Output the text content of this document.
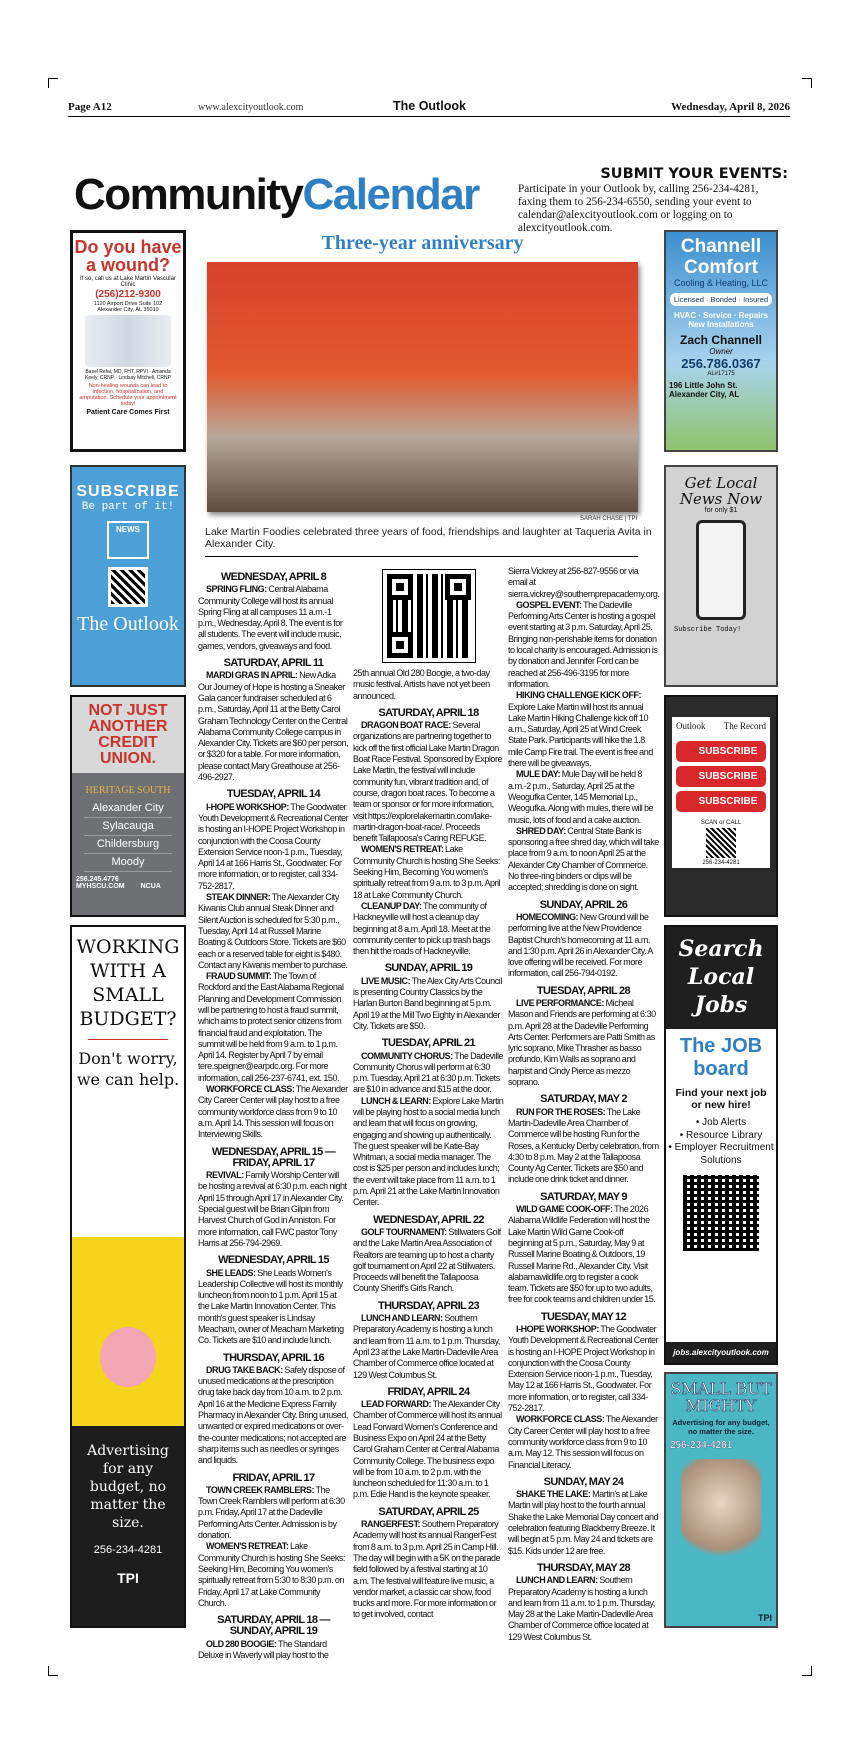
Page A12	www.alexcityoutlook.com	The Outlook	Wednesday, April 8, 2026
CommunityCalendar	SUBMIT YOUR EVENTS:

Participate in your Outlook by, calling 256-234-4281, faxing them to 256-234-6550, sending your event to calendar@alexcityoutlook.com or logging on to alexcityoutlook.com.

Do you have a wound?
If so, call us at Lake Martin Vascular Clinic
(256)212-9300
1120 Airport Drive Suite 102 Alexander City, AL 35010
Basel Refai, MD, FHT, RPVI · Amanda Keely, CRNP · Lindsay Mitchell, CRNP
Non-healing wounds can lead to infection, hospitalization, and amputation. Schedule your appointment today!
Patient Care Comes First
SUBSCRIBE
Be part of it!
NEWS
The Outlook
NOT JUST ANOTHER CREDIT UNION.
HERITAGE SOUTH
Alexander City
Sylacauga
Childersburg
Moody
256.245.4776
MYHSCU.COM NCUA
WORKING WITH A SMALL BUDGET?
Don't worry, we can help.
Advertising for any budget, no matter the size.
256-234-4281
TPI
Three-year anniversary
SARAH CHASE | TPI
Lake Martin Foodies celebrated three years of food, friendships and laughter at Taqueria Avita in Alexander City.
WEDNESDAY, APRIL 8

SPRING FLING: Central Alabama Community College will host its annual Spring Fling at all campuses 11 a.m.-1 p.m., Wednesday, April 8. The event is for all students. The event will include music, games, vendors, giveaways and food.

SATURDAY, APRIL 11

MARDI GRAS IN APRIL: New Adka Our Journey of Hope is hosting a Sneaker Gala cancer fundraiser scheduled at 6 p.m., Saturday, April 11 at the Betty Carol Graham Technology Center on the Central Alabama Community College campus in Alexander City. Tickets are $60 per person, or $320 for a table. For more information, please contact Mary Greathouse at 256-496-2927.

TUESDAY, APRIL 14

I-HOPE WORKSHOP: The Goodwater Youth Development & Recreational Center is hosting an I-HOPE Project Workshop in conjunction with the Coosa County Extension Service noon-1 p.m., Tuesday, April 14 at 166 Harris St., Goodwater. For more information, or to register, call 334-752-2817.

STEAK DINNER: The Alexander City Kiwanis Club annual Steak Dinner and Silent Auction is scheduled for 5:30 p.m., Tuesday, April 14 at Russell Marine Boating & Outdoors Store. Tickets are $60 each or a reserved table for eight is $480. Contact any Kiwanis member to purchase.

FRAUD SUMMIT: The Town of Rockford and the East Alabama Regional Planning and Development Commission will be partnering to host a fraud summit, which aims to protect senior citizens from financial fraud and exploitation. The summit will be held from 9 a.m. to 1 p.m. April 14. Register by April 7 by email tere.speigner@earpdc.org. For more information, call 256-237-6741, ext. 150.

WORKFORCE CLASS: The Alexander City Career Center will play host to a free community workforce class from 9 to 10 a.m. April 14. This session will focus on Interviewing Skills.

WEDNESDAY, APRIL 15 — FRIDAY, APRIL 17

REVIVAL: Family Worship Center will be hosting a revival at 6:30 p.m. each night April 15 through April 17 in Alexander City. Special guest will be Brian Gilpin from Harvest Church of God in Anniston. For more information, call FWC pastor Tony Harris at 256-794-2969.

WEDNESDAY, APRIL 15

SHE LEADS: She Leads Women's Leadership Collective will host its monthly luncheon from noon to 1 p.m. April 15 at the Lake Martin Innovation Center. This month's guest speaker is Lindsay Meacham, owner of Meacham Marketing Co. Tickets are $10 and include lunch.

THURSDAY, APRIL 16

DRUG TAKE BACK: Safely dispose of unused medications at the prescription drug take back day from 10 a.m. to 2 p.m. April 16 at the Medicine Express Family Pharmacy in Alexander City. Bring unused, unwanted or expired medications or over-the-counter medications; not accepted are sharp items such as needles or syringes and liquids.

FRIDAY, APRIL 17

TOWN CREEK RAMBLERS: The Town Creek Ramblers will perform at 6:30 p.m. Friday, April 17 at the Dadeville Performing Arts Center. Admission is by donation.

WOMEN'S RETREAT: Lake Community Church is hosting She Seeks: Seeking Him, Becoming You women's spiritually retreat from 5:30 to 8:30 p.m. on Friday, April 17 at Lake Community Church.

SATURDAY, APRIL 18 — SUNDAY, APRIL 19

OLD 280 BOOGIE: The Standard Deluxe in Waverly will play host to the

25th annual Old 280 Boogie, a two-day music festival. Artists have not yet been announced.

SATURDAY, APRIL 18

DRAGON BOAT RACE: Several organizations are partnering together to kick off the first official Lake Martin Dragon Boat Race Festival. Sponsored by Explore Lake Martin, the festival will include community fun, vibrant tradition and, of course, dragon boat races. To become a team or sponsor or for more information, visit https://explorelakemartin.com/lake-martin-dragon-boat-race/. Proceeds benefit Tallapoosa's Caring REFUGE.

WOMEN'S RETREAT: Lake Community Church is hosting She Seeks: Seeking Him, Becoming You women's spiritually retreat from 9 a.m. to 3 p.m. April 18 at Lake Community Church.

CLEANUP DAY: The community of Hackneyville will host a cleanup day beginning at 8 a.m. April 18. Meet at the community center to pick up trash bags then hit the roads of Hackneyville.

SUNDAY, APRIL 19

LIVE MUSIC: The Alex City Arts Council is presenting Country Classics by the Harlan Burton Band beginning at 5 p.m. April 19 at the Mill Two Eighty in Alexander City. Tickets are $50.

TUESDAY, APRIL 21

COMMUNITY CHORUS: The Dadeville Community Chorus will perform at 6:30 p.m. Tuesday, April 21 at 6:30 p.m. Tickets are $10 in advance and $15 at the door.

LUNCH & LEARN: Explore Lake Martin will be playing host to a social media lunch and learn that will focus on growing, engaging and showing up authentically. The guest speaker will be Katie-Bay Whitman, a social media manager. The cost is $25 per person and includes lunch; the event will take place from 11 a.m. to 1 p.m. April 21 at the Lake Martin Innovation Center.

WEDNESDAY, APRIL 22

GOLF TOURNAMENT: Stillwaters Golf and the Lake Martin Area Association of Realtors are teaming up to host a charity golf tournament on April 22 at Stillwaters. Proceeds will benefit the Tallapoosa County Sheriff's Girls Ranch.

THURSDAY, APRIL 23

LUNCH AND LEARN: Southern Preparatory Academy is hosting a lunch and learn from 11 a.m. to 1 p.m. Thursday, April 23 at the Lake Martin-Dadeville Area Chamber of Commerce office located at 129 West Columbus St.

FRIDAY, APRIL 24

LEAD FORWARD: The Alexander City Chamber of Commerce will host its annual Lead Forward Women's Conference and Business Expo on April 24 at the Betty Carol Graham Center at Central Alabama Community College. The business expo will be from 10 a.m. to 2 p.m. with the luncheon scheduled for 11:30 a.m. to 1 p.m. Edie Hand is the keynote speaker.

SATURDAY, APRIL 25

RANGERFEST: Southern Preparatory Academy will host its annual RangerFest from 8 a.m. to 3 p.m. April 25 in Camp Hill. The day will begin with a 5K on the parade field followed by a festival starting at 10 a.m. The festival will feature live music, a vendor market, a classic car show, food trucks and more. For more information or to get involved, contact

Sierra Vickrey at 256-827-9556 or via email at sierra.vickrey@southernprepacademy.org.

GOSPEL EVENT: The Dadeville Performing Arts Center is hosting a gospel event starting at 3 p.m. Saturday, April 25. Bringing non-perishable items for donation to local charity is encouraged. Admission is by donation and Jennifer Ford can be reached at 256-496-3195 for more information.

HIKING CHALLENGE KICK OFF: Explore Lake Martin will host its annual Lake Martin Hiking Challenge kick off 10 a.m., Saturday, April 25 at Wind Creek State Park. Participants will hike the 1.8 mile Camp Fire trail. The event is free and there will be giveaways.

MULE DAY: Mule Day will be held 8 a.m.-2 p.m., Saturday, April 25 at the Weogufka Center, 145 Memorial Lp., Weogufka. Along with mules, there will be music, lots of food and a cake auction.

SHRED DAY: Central State Bank is sponsoring a free shred day, which will take place from 9 a.m. to noon April 25 at the Alexander City Chamber of Commerce. No three-ring binders or clips will be accepted; shredding is done on sight.

SUNDAY, APRIL 26

HOMECOMING: New Ground will be performing live at the New Providence Baptist Church's homecoming at 11 a.m. and 1:30 p.m. April 26 in Alexander City. A love offering will be received. For more information, call 256-794-0192.

TUESDAY, APRIL 28

LIVE PERFORMANCE: Micheal Mason and Friends are performing at 6:30 p.m. April 28 at the Dadeville Performing Arts Center. Performers are Patti Smith as lyric soprano, Mike Thrasher as basso profundo, Kim Walls as soprano and harpist and Cindy Pierce as mezzo soprano.

SATURDAY, MAY 2

RUN FOR THE ROSES: The Lake Martin-Dadeville Area Chamber of Commerce will be hosting Run for the Roses, a Kentucky Derby celebration, from 4:30 to 8 p.m. May 2 at the Tallapoosa County Ag Center. Tickets are $50 and include one drink ticket and dinner.

SATURDAY, MAY 9

WILD GAME COOK-OFF: The 2026 Alabama Wildlife Federation will host the Lake Martin Wild Game Cook-off beginning at 5 p.m., Saturday, May 9 at Russell Marine Boating & Outdoors, 19 Russell Marine Rd., Alexander City. Visit alabamawildlife.org to register a cook team. Tickets are $50 for up to two adults, free for cook teams and children under 15.

TUESDAY, MAY 12

I-HOPE WORKSHOP: The Goodwater Youth Development & Recreational Center is hosting an I-HOPE Project Workshop in conjunction with the Coosa County Extension Service noon-1 p.m., Tuesday, May 12 at 166 Harris St., Goodwater. For more information, or to register, call 334-752-2817.

WORKFORCE CLASS: The Alexander City Career Center will play host to a free community workforce class from 9 to 10 a.m. May 12. This session will focus on Financial Literacy.

SUNDAY, MAY 24

SHAKE THE LAKE: Martin's at Lake Martin will play host to the fourth annual Shake the Lake Memorial Day concert and celebration featuring Blackberry Breeze. It will begin at 5 p.m. May 24 and tickets are $15. Kids under 12 are free.

THURSDAY, MAY 28

LUNCH AND LEARN: Southern Preparatory Academy is hosting a lunch and learn from 11 a.m. to 1 p.m. Thursday, May 28 at the Lake Martin-Dadeville Area Chamber of Commerce office located at 129 West Columbus St.

Channell Comfort
Cooling & Heating, LLC
Licensed · Bonded · Insured
HVAC · Service · Repairs New Installations
Zach Channell
Owner
256.786.0367
AL#17175
196 Little John St. Alexander City, AL
Get Local News Now
for only $1
Subscribe Today!
Outlook The Record
SUBSCRIBE
SUBSCRIBE
SUBSCRIBE
SCAN or CALL
256-234-4281
Search Local Jobs
The JOB board
Find your next job or new hire!
• Job Alerts
• Resource Library
• Employer Recruitment Solutions
jobs.alexcityoutlook.com
SMALL BUT MIGHTY
Advertising for any budget, no matter the size.
256-234-4281
TPI
